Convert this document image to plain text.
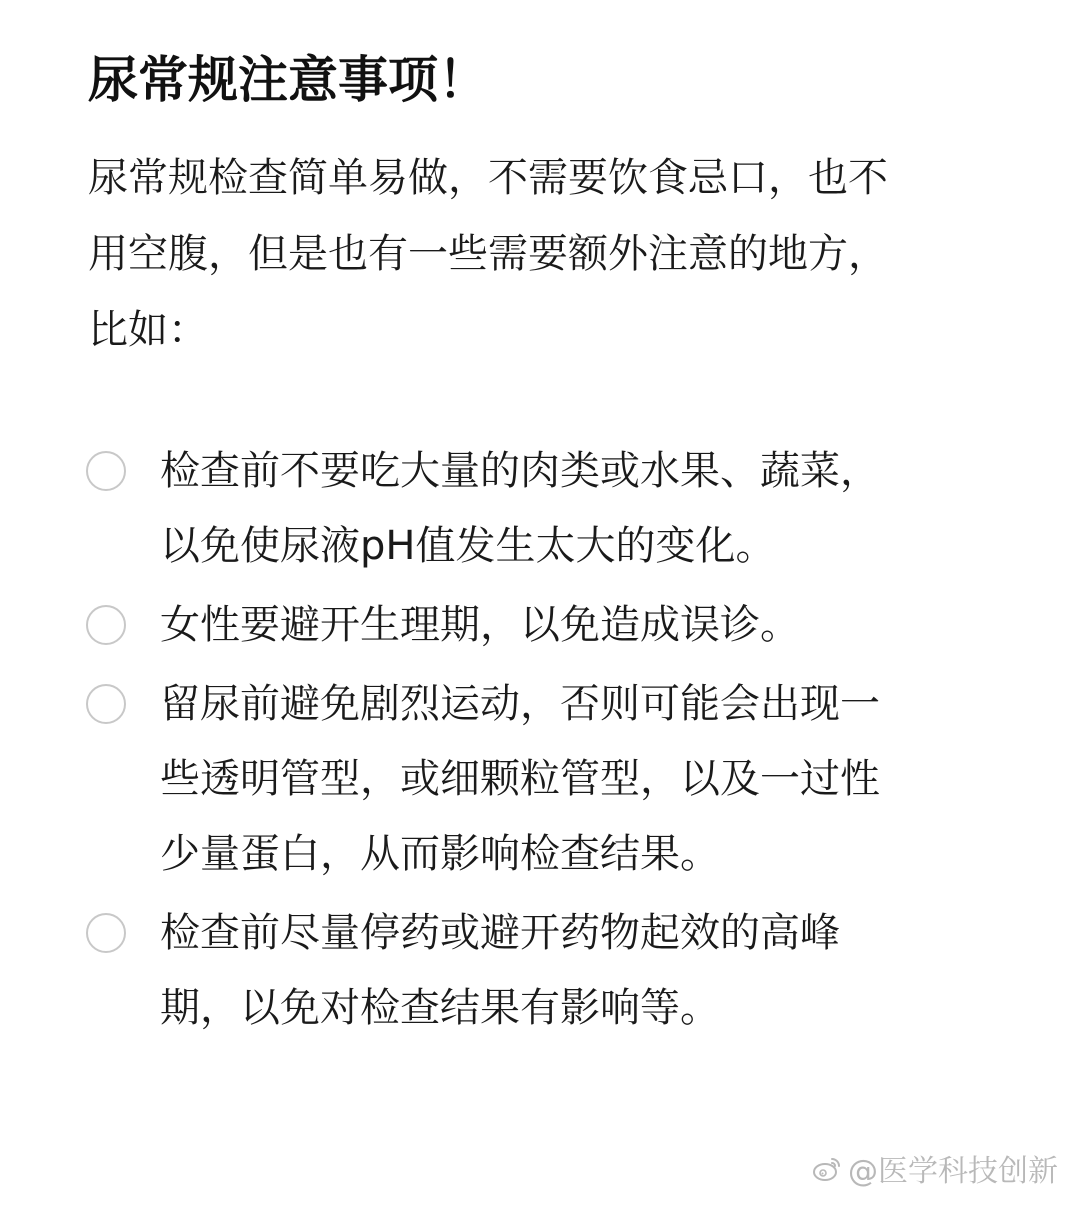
尿常规注意事项！
尿常规检查简单易做，不需要饮食忌口，也不
用空腹，但是也有一些需要额外注意的地方，
比如：
检查前不要吃大量的肉类或水果、蔬菜，
以免使尿液pH值发生太大的变化。
女性要避开生理期，以免造成误诊。
留尿前避免剧烈运动，否则可能会出现一
些透明管型，或细颗粒管型，以及一过性
少量蛋白，从而影响检查结果。
检查前尽量停药或避开药物起效的高峰
期，以免对检查结果有影响等。
@医学科技创新
